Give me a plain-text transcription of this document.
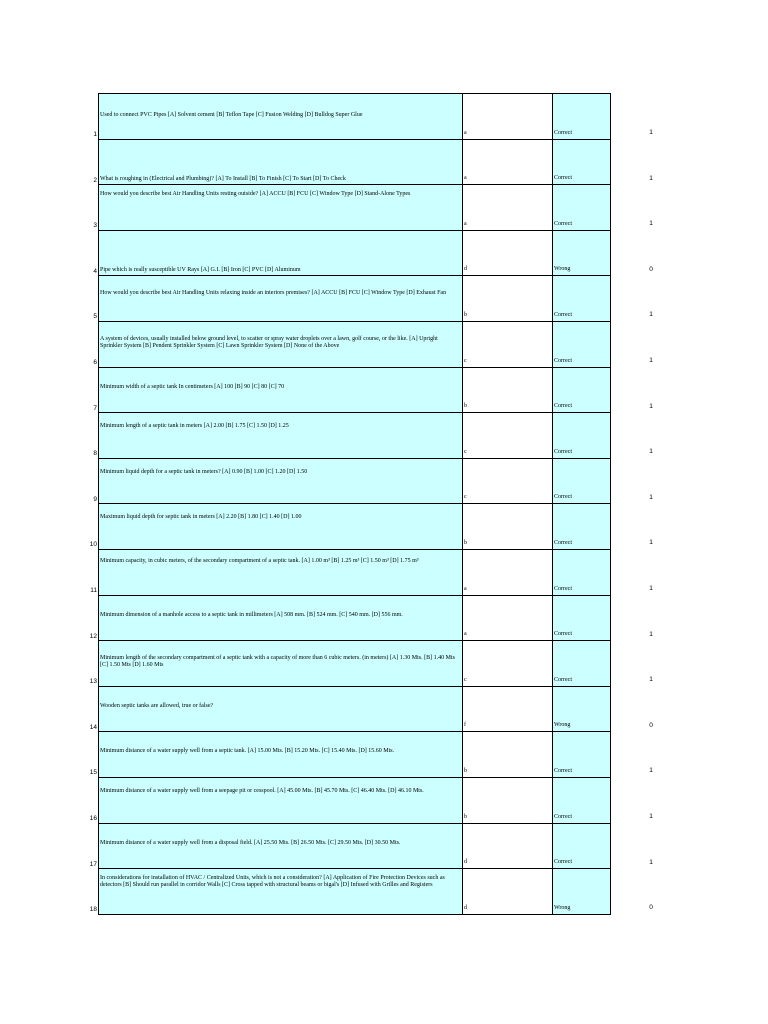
1	Used to connect PVC Pipes [A] Solvent cement [B] Teflon Tape [C] Fusion Welding [D] Bulldog Super Glue	a	Correct	1
2	What is roughing in (Electrical and Plumbing)? [A] To Install [B] To Finish [C] To Start [D] To Check	a	Correct	1
3	How would you describe best Air Handling Units resting outside? [A] ACCU [B] FCU [C] Window Type [D] Stand-Alone Types	a	Correct	1
4	Pipe which is really susceptible UV Rays [A] G.I. [B] Iron [C] PVC [D] Aluminum	d	Wrong	0
5	How would you describe best Air Handling Units relaxing inside an interiors premises? [A] ACCU [B] FCU [C] Window Type [D] Exhaust Fan	b	Correct	1
6	A system of devices, usually installed below ground level, to scatter or spray water droplets over a lawn, golf course, or the like. [A] Upright Sprinkler System [B] Pendent Sprinkler System [C] Lawn Sprinkler System [D] None of the Above	c	Correct	1
7	Minimum width of a septic tank In centimeters [A] 100 [B] 90 [C] 80 [C] 70	b	Correct	1
8	Minimum length of a septic tank in meters [A] 2.00 [B] 1.75 [C] 1.50 [D] 1.25	c	Correct	1
9	Minimum liquid depth for a septic tank in meters? [A] 0.90 [B] 1.00 [C] 1.20 [D] 1.50	c	Correct	1
10	Maximum liquid depth for septic tank in meters [A] 2.20 [B] 1.80 [C] 1.40 [D] 1.00	b	Correct	1
11	Minimum capacity, in cubic meters, of the secondary compartment of a septic tank. [A] 1.00 m³ [B] 1.25 m³ [C] 1.50 m³ [D] 1.75 m³	a	Correct	1
12	Minimum dimension of a manhole access to a septic tank in millimeters [A] 508 mm. [B] 524 mm. [C] 540 mm. [D] 556 mm.	a	Correct	1
13	Minimum length of the secondary compartment of a septic tank with a capacity of more than 6 cubic meters. (in meters) [A] 1.30 Mts. [B] 1.40 Mts [C] 1.50 Mts [D] 1.60 Mts	c	Correct	1
14	Wooden septic tanks are allowed, true or false?	f	Wrong	0
15	Minimum distance of a water supply well from a septic tank. [A] 15.00 Mts. [B] 15.20 Mts. [C] 15.40 Mts. [D] 15.60 Mts.	b	Correct	1
16	Minimum distance of a water supply well from a seepage pit or cesspool. [A] 45.00 Mts. [B] 45.70 Mts. [C] 46.40 Mts. [D] 46.10 Mts.	b	Correct	1
17	Minimum distance of a water supply well from a disposal field. [A] 25.50 Mts. [B] 26.50 Mts. [C] 29.50 Mts. [D] 30.50 Mts.	d	Correct	1
18	In considerations for installation of HVAC / Centralized Units, which is not a consideration? [A] Application of Fire Protection Devices such as detectors [B] Should run parallel in corridor Walls [C] Cross tapped with structural beams or bigal's [D] Infused with Grilles and Registers	d	Wrong	0
